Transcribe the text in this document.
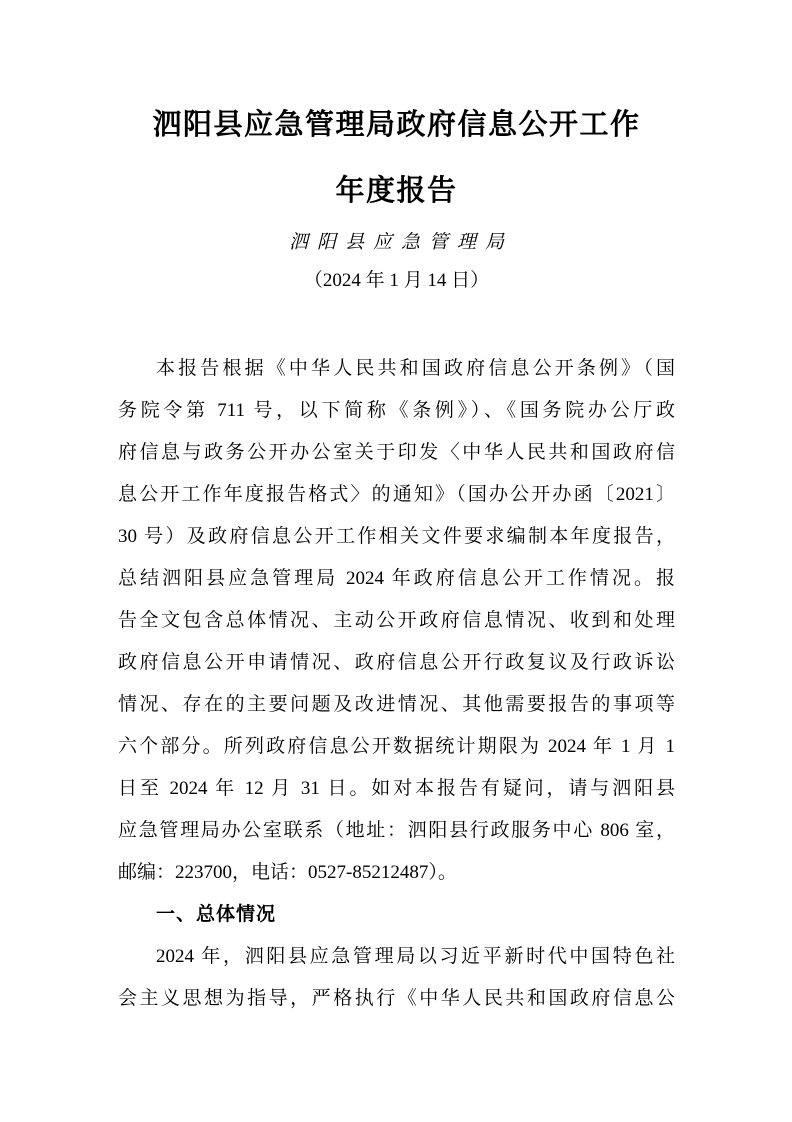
泗阳县应急管理局政府信息公开工作
年度报告
泗阳县应急管理局
（2024 年 1 月 14 日）
本报告根据《中华人民共和国政府信息公开条例》（国
务院令第 711 号，以下简称《条例》）、《国务院办公厅政
府信息与政务公开办公室关于印发〈中华人民共和国政府信
息公开工作年度报告格式〉的通知》（国办公开办函〔2021〕
30 号）及政府信息公开工作相关文件要求编制本年度报告，
总结泗阳县应急管理局 2024 年政府信息公开工作情况。报
告全文包含总体情况、主动公开政府信息情况、收到和处理
政府信息公开申请情况、政府信息公开行政复议及行政诉讼
情况、存在的主要问题及改进情况、其他需要报告的事项等
六个部分。所列政府信息公开数据统计期限为 2024 年 1 月 1
日至 2024 年 12 月 31 日。如对本报告有疑问，请与泗阳县
应急管理局办公室联系（地址：泗阳县行政服务中心 806 室，
邮编：223700，电话：0527-85212487）。
一、总体情况
2024 年，泗阳县应急管理局以习近平新时代中国特色社
会主义思想为指导，严格执行《中华人民共和国政府信息公
